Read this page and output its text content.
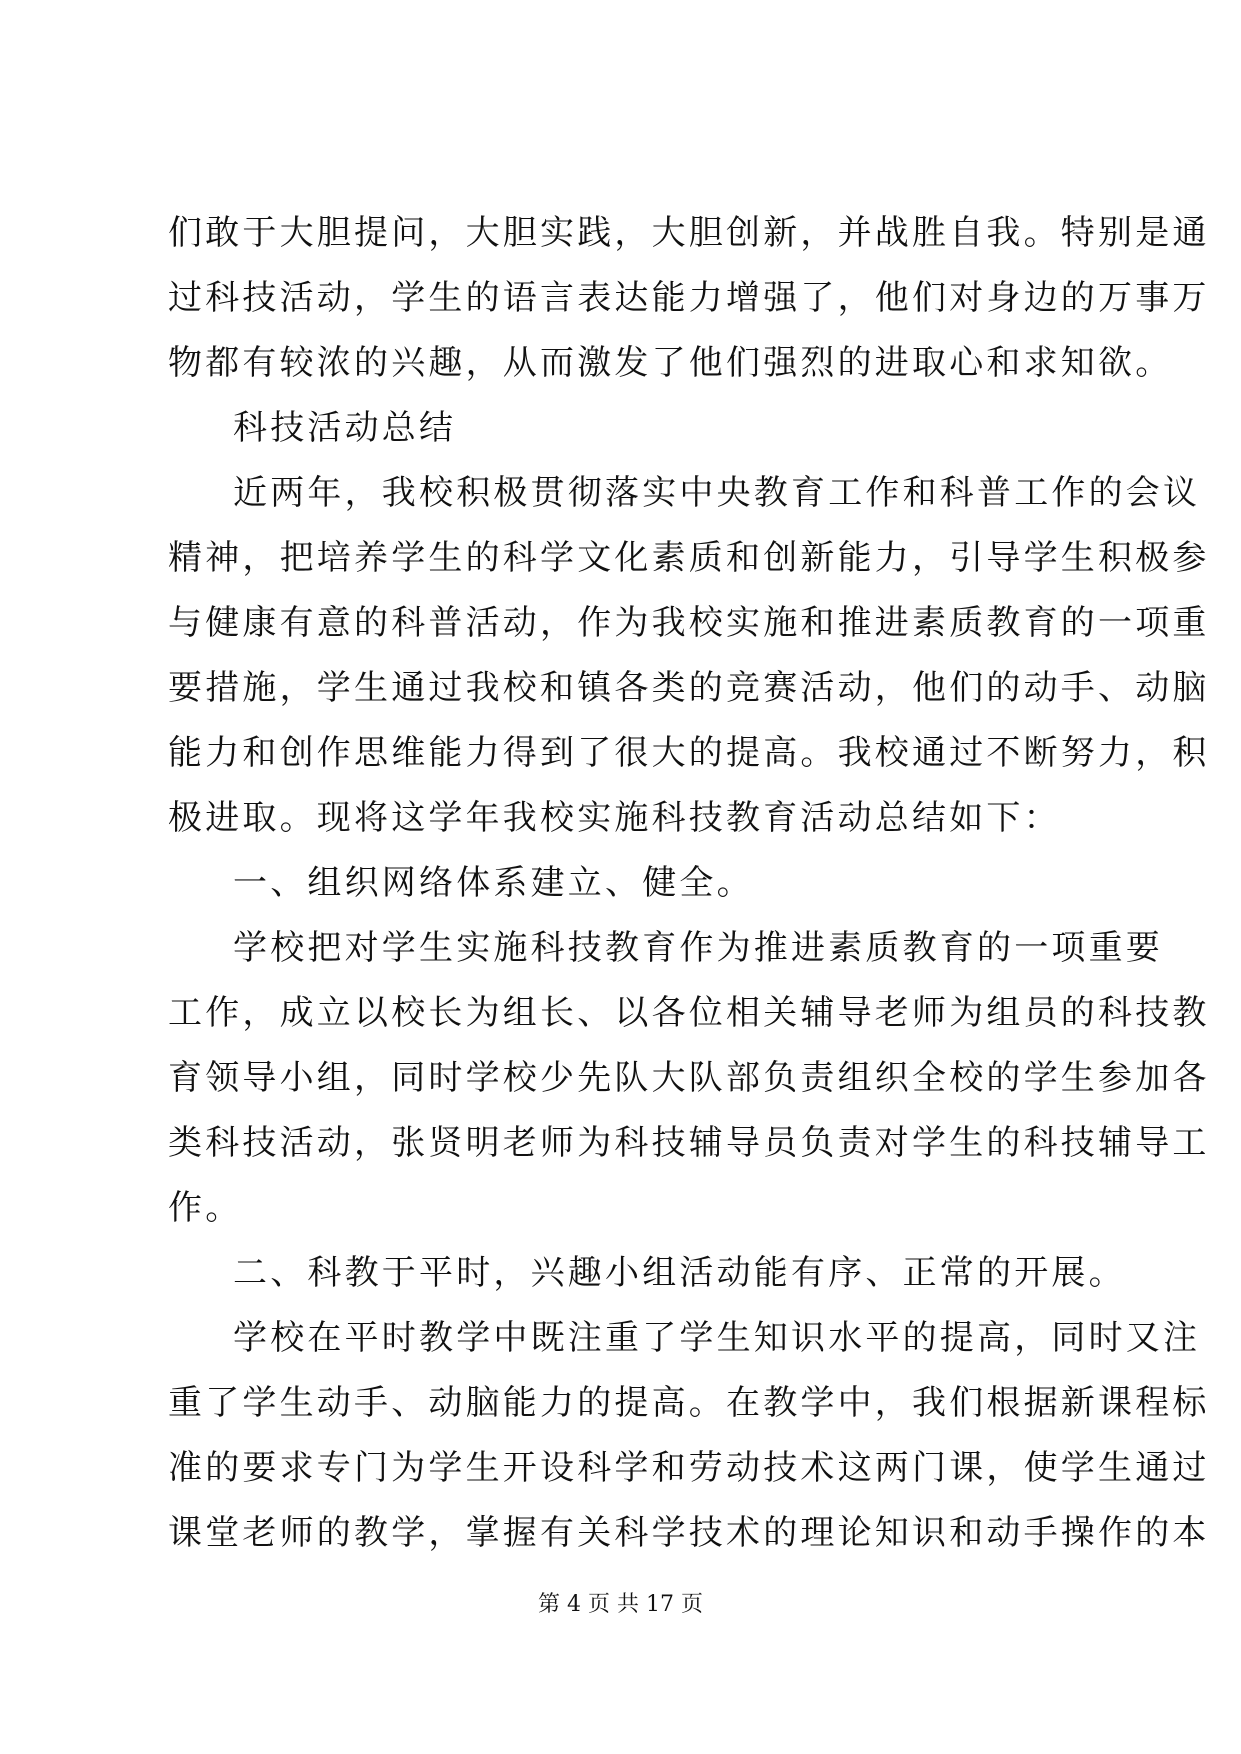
们敢于大胆提问，大胆实践，大胆创新，并战胜自我。特别是通
过科技活动，学生的语言表达能力增强了，他们对身边的万事万
物都有较浓的兴趣，从而激发了他们强烈的进取心和求知欲。
科技活动总结
近两年，我校积极贯彻落实中央教育工作和科普工作的会议
精神，把培养学生的科学文化素质和创新能力，引导学生积极参
与健康有意的科普活动，作为我校实施和推进素质教育的一项重
要措施，学生通过我校和镇各类的竞赛活动，他们的动手、动脑
能力和创作思维能力得到了很大的提高。我校通过不断努力，积
极进取。现将这学年我校实施科技教育活动总结如下：
一、组织网络体系建立、健全。
学校把对学生实施科技教育作为推进素质教育的一项重要
工作，成立以校长为组长、以各位相关辅导老师为组员的科技教
育领导小组，同时学校少先队大队部负责组织全校的学生参加各
类科技活动，张贤明老师为科技辅导员负责对学生的科技辅导工
作。
二、科教于平时，兴趣小组活动能有序、正常的开展。
学校在平时教学中既注重了学生知识水平的提高，同时又注
重了学生动手、动脑能力的提高。在教学中，我们根据新课程标
准的要求专门为学生开设科学和劳动技术这两门课，使学生通过
课堂老师的教学，掌握有关科学技术的理论知识和动手操作的本
第 4 页 共 17 页
